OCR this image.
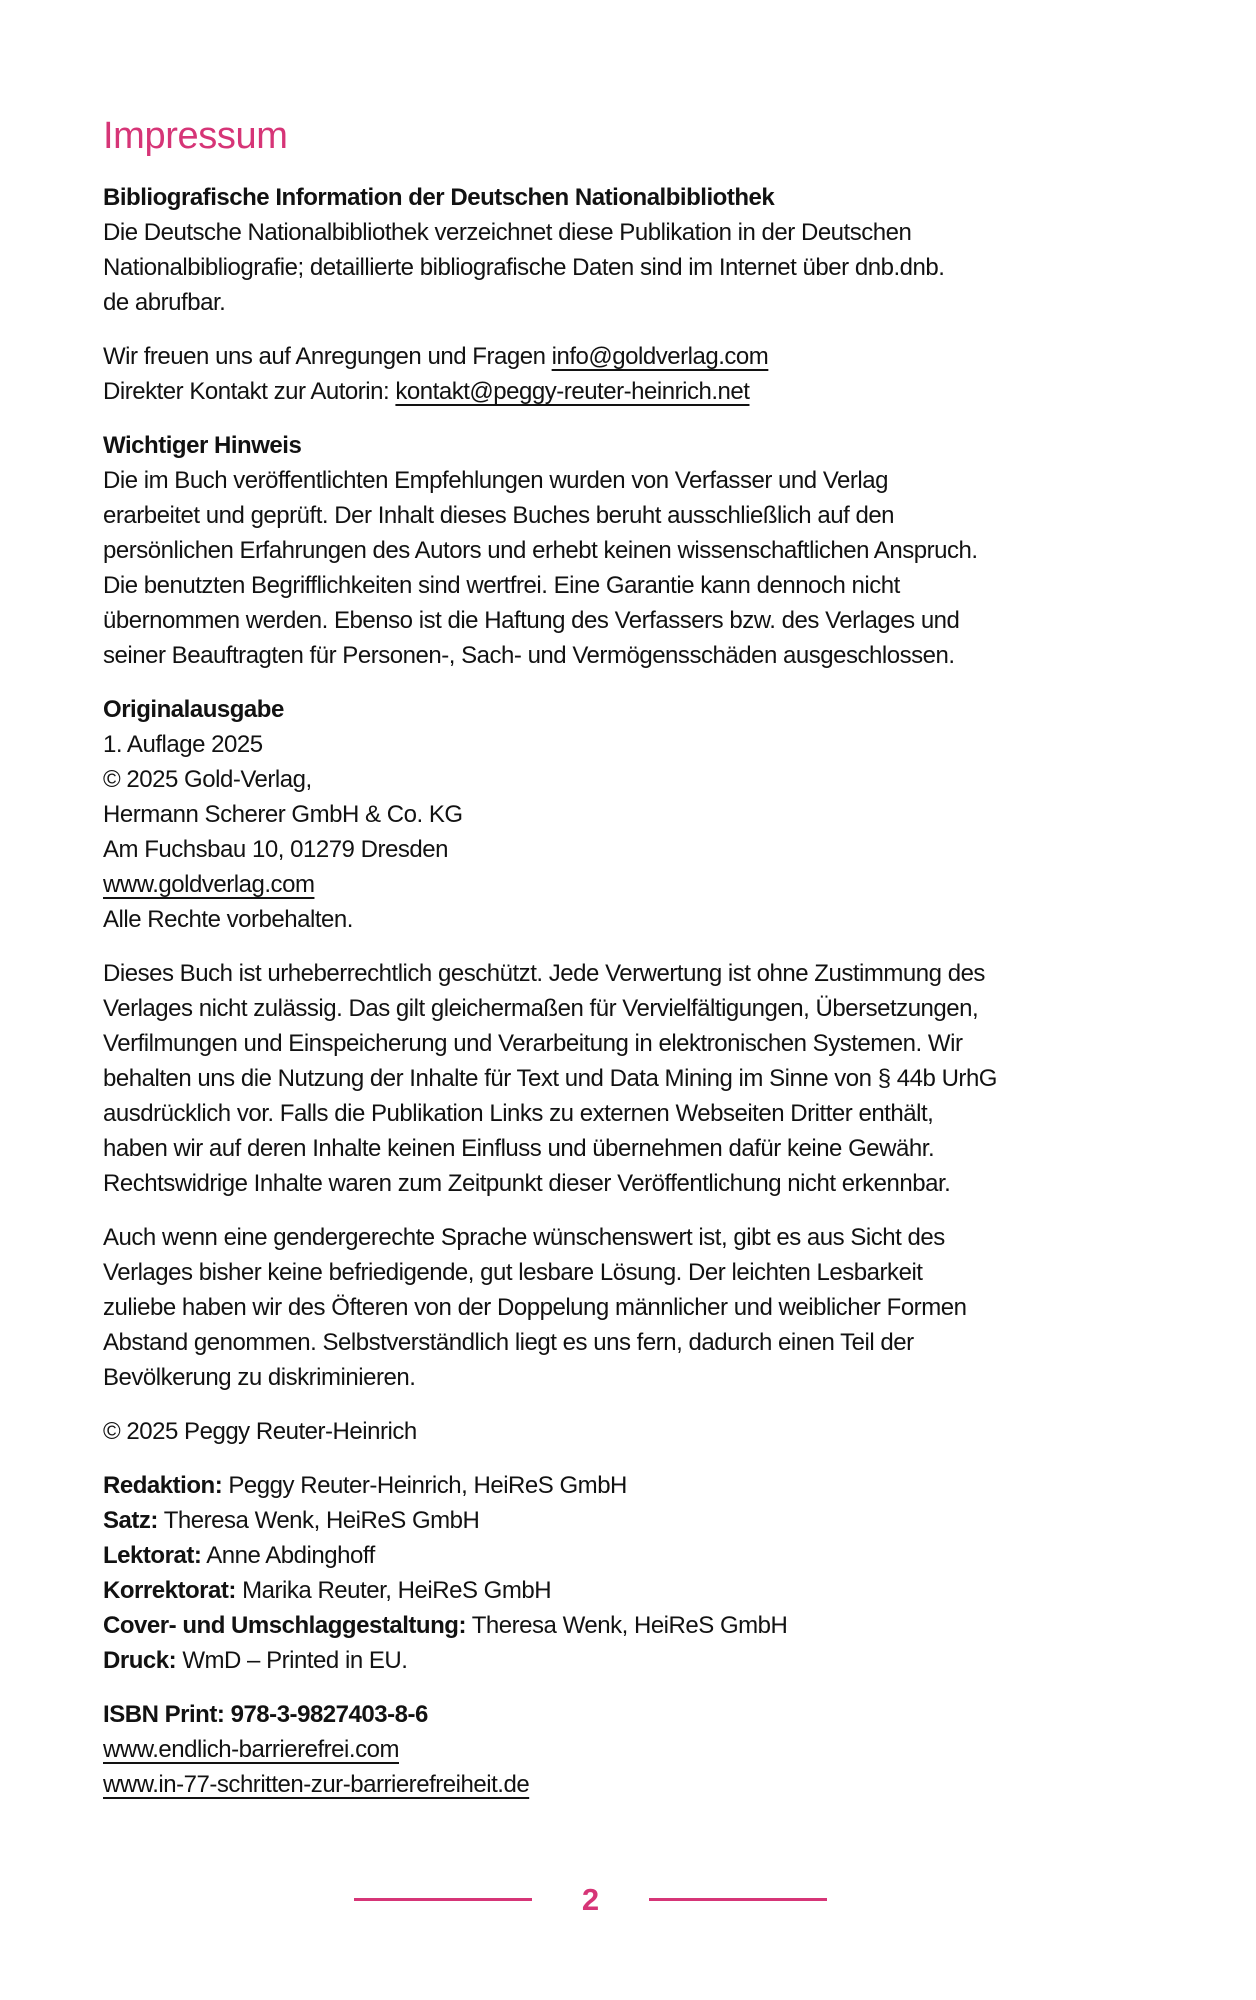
Impressum
Bibliografische Information der Deutschen Nationalbibliothek
Die Deutsche Nationalbibliothek verzeichnet diese Publikation in der Deutschen
Nationalbibliografie; detaillierte bibliografische Daten sind im Internet über dnb.dnb.
de abrufbar.
Wir freuen uns auf Anregungen und Fragen info@goldverlag.com
Direkter Kontakt zur Autorin: kontakt@peggy-reuter-heinrich.net
Wichtiger Hinweis
Die im Buch veröffentlichten Empfehlungen wurden von Verfasser und Verlag
erarbeitet und geprüft. Der Inhalt dieses Buches beruht ausschließlich auf den
persönlichen Erfahrungen des Autors und erhebt keinen wissenschaftlichen Anspruch.
Die benutzten Begrifflichkeiten sind wertfrei. Eine Garantie kann dennoch nicht
übernommen werden. Ebenso ist die Haftung des Verfassers bzw. des Verlages und
seiner Beauftragten für Personen-, Sach- und Vermögensschäden ausgeschlossen.
Originalausgabe
1. Auflage 2025
© 2025 Gold-Verlag,
Hermann Scherer GmbH & Co. KG
Am Fuchsbau 10, 01279 Dresden
www.goldverlag.com
Alle Rechte vorbehalten.
Dieses Buch ist urheberrechtlich geschützt. Jede Verwertung ist ohne Zustimmung des
Verlages nicht zulässig. Das gilt gleichermaßen für Vervielfältigungen, Übersetzungen,
Verfilmungen und Einspeicherung und Verarbeitung in elektronischen Systemen. Wir
behalten uns die Nutzung der Inhalte für Text und Data Mining im Sinne von § 44b UrhG
ausdrücklich vor. Falls die Publikation Links zu externen Webseiten Dritter enthält,
haben wir auf deren Inhalte keinen Einfluss und übernehmen dafür keine Gewähr.
Rechtswidrige Inhalte waren zum Zeitpunkt dieser Veröffentlichung nicht erkennbar.
Auch wenn eine gendergerechte Sprache wünschenswert ist, gibt es aus Sicht des
Verlages bisher keine befriedigende, gut lesbare Lösung. Der leichten Lesbarkeit
zuliebe haben wir des Öfteren von der Doppelung männlicher und weiblicher Formen
Abstand genommen. Selbstverständlich liegt es uns fern, dadurch einen Teil der
Bevölkerung zu diskriminieren.
© 2025 Peggy Reuter-Heinrich
Redaktion: Peggy Reuter-Heinrich, HeiReS GmbH
Satz: Theresa Wenk, HeiReS GmbH
Lektorat: Anne Abdinghoff
Korrektorat: Marika Reuter, HeiReS GmbH
Cover- und Umschlaggestaltung: Theresa Wenk, HeiReS GmbH
Druck: WmD – Printed in EU.
ISBN Print: 978-3-9827403-8-6
www.endlich-barrierefrei.com
www.in-77-schritten-zur-barrierefreiheit.de
2
